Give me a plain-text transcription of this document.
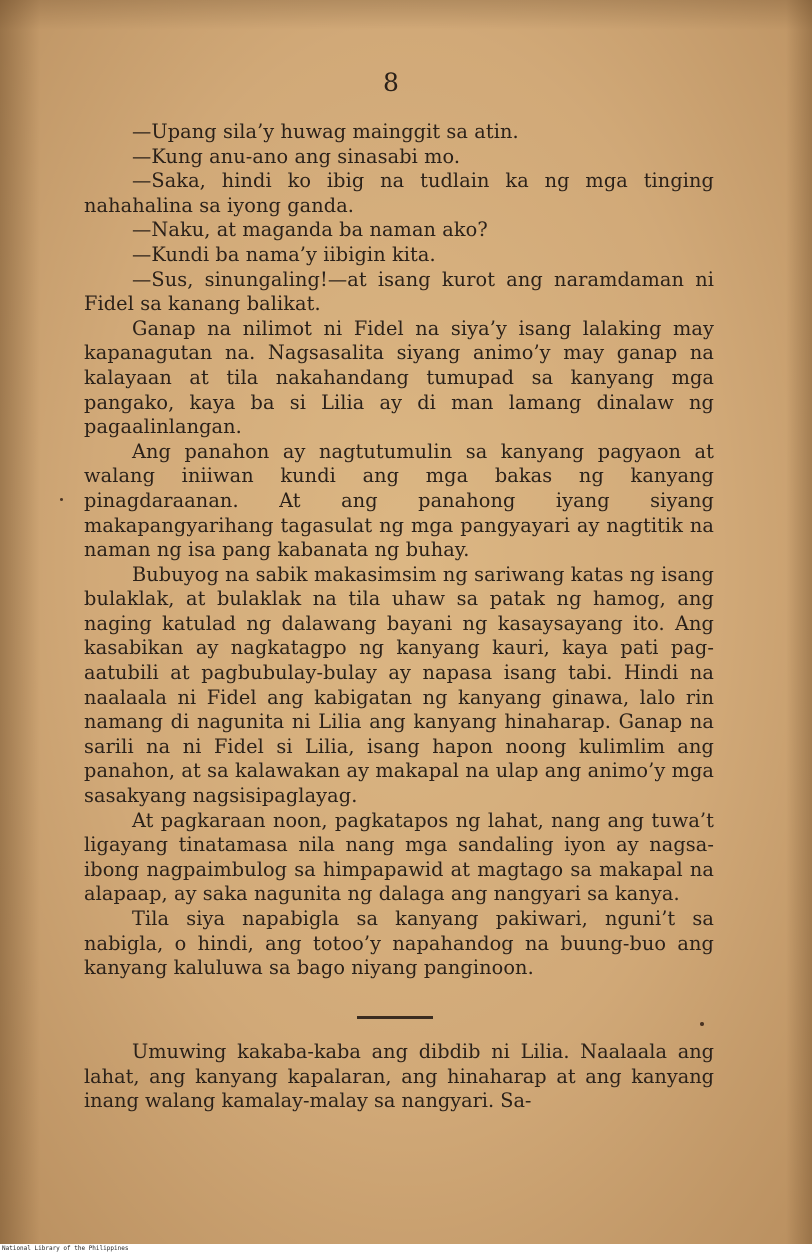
8

—Upang sila’y huwag mainggit sa atin.

—Kung anu-ano ang sinasabi mo.

—Saka, hindi ko ibig na tudlain ka ng mga tinging nahahalina sa iyong ganda.

—Naku, at maganda ba naman ako?

—Kundi ba nama’y iibigin kita.

—Sus, sinungaling!—at isang kurot ang naramdaman ni Fidel sa kanang balikat.

Ganap na nilimot ni Fidel na siya’y isang lalaking may kapanagutan na. Nagsasalita siyang animo’y may ganap na kalayaan at tila nakahandang tumupad sa kanyang mga pangako, kaya ba si Lilia ay di man lamang dinalaw ng pagaalinlangan.

Ang panahon ay nagtutumulin sa kanyang pagyaon at walang iniiwan kundi ang mga bakas ng kanyang pinagdaraanan. At ang panahong iyang siyang makapangyarihang tagasulat ng mga pangyayari ay nagtitik na naman ng isa pang kabanata ng buhay.

Bubuyog na sabik makasimsim ng sariwang katas ng isang bulaklak, at bulaklak na tila uhaw sa patak ng hamog, ang naging katulad ng dalawang bayani ng kasaysayang ito. Ang kasabikan ay nagkatagpo ng kanyang kauri, kaya pati pag-aatubili at pagbubulay-bulay ay napasa isang tabi. Hindi na naalaala ni Fidel ang kabigatan ng kanyang ginawa, lalo rin namang di nagunita ni Lilia ang kanyang hinaharap. Ganap na sarili na ni Fidel si Lilia, isang hapon noong kulimlim ang panahon, at sa kalawakan ay makapal na ulap ang animo’y mga sasakyang nagsisipaglayag.

At pagkaraan noon, pagkatapos ng lahat, nang ang tuwa’t ligayang tinatamasa nila nang mga sandaling iyon ay nagsa-ibong nagpaimbulog sa himpapawid at magtago sa makapal na alapaap, ay saka nagunita ng dalaga ang nangyari sa kanya.

Tila siya napabigla sa kanyang pakiwari, nguni’t sa nabigla, o hindi, ang totoo’y napahandog na buung-buo ang kanyang kaluluwa sa bago niyang panginoon.

Umuwing kakaba-kaba ang dibdib ni Lilia. Naalaala ang lahat, ang kanyang kapalaran, ang hinaharap at ang kanyang inang walang kamalay-malay sa nangyari. Sa-

National Library of the Philippines
